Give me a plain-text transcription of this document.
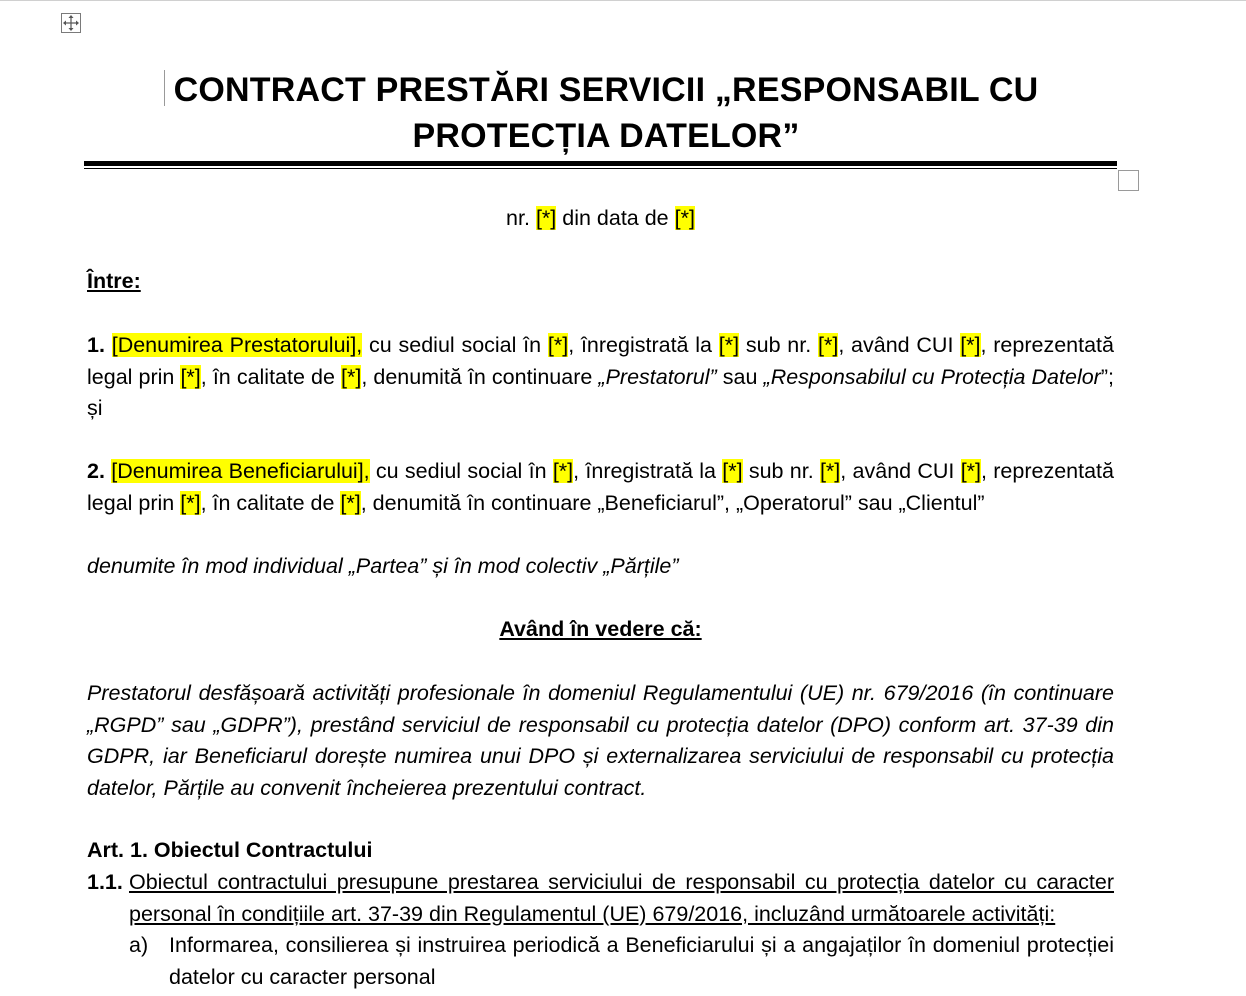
CONTRACT PRESTĂRI SERVICII „RESPONSABIL CU
PROTECȚIA DATELOR”

nr. [*] din data de [*]

Între:

1. [Denumirea Prestatorului], cu sediul social în [*], înregistrată la [*] sub nr. [*], având CUI [*], reprezentată legal prin [*], în calitate de [*], denumită în continuare „Prestatorul” sau „Responsabilul cu Protecția Datelor”; și

2. [Denumirea Beneficiarului], cu sediul social în [*], înregistrată la [*] sub nr. [*], având CUI [*], reprezentată legal prin [*], în calitate de [*], denumită în continuare „Beneficiarul”, „Operatorul” sau „Clientul”

denumite în mod individual „Partea” și în mod colectiv „Părțile”

Având în vedere că:

Prestatorul desfășoară activități profesionale în domeniul Regulamentului (UE) nr. 679/2016 (în continuare „RGPD” sau „GDPR”), prestând serviciul de responsabil cu protecția datelor (DPO) conform art. 37-39 din GDPR, iar Beneficiarul dorește numirea unui DPO și externalizarea serviciului de responsabil cu protecția datelor, Părțile au convenit încheierea prezentului contract.

Art. 1. Obiectul Contractului

1.1. Obiectul contractului presupune prestarea serviciului de responsabil cu protecția datelor cu caracter personal în condițiile art. 37-39 din Regulamentul (UE) 679/2016, incluzând următoarele activități:
a) Informarea, consilierea și instruirea periodică a Beneficiarului și a angajaților în domeniul protecției datelor cu caracter personal
